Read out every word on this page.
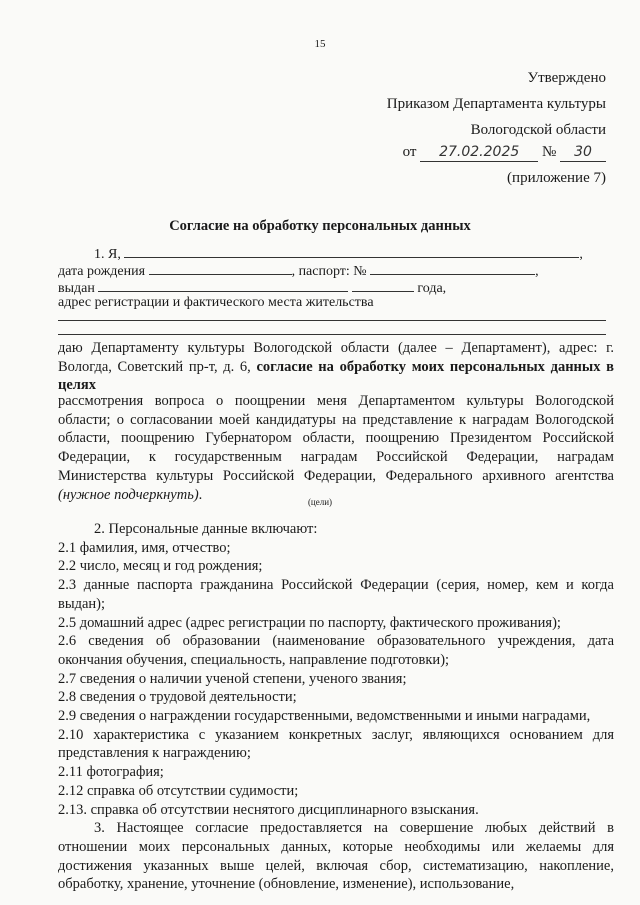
15
Утверждено
Приказом Департамента культуры
Вологодской области
от 27.02.2025 № 30
(приложение 7)
Согласие на обработку персональных данных
1. Я,	,
дата рождения	, паспорт: №	,
выдан	года,
адрес регистрации и фактического места жительства

даю Департаменту культуры Вологодской области (далее – Департамент), адрес: г. Вологда, Советский пр-т, д. 6, согласие на обработку моих персональных данных в целях

рассмотрения вопроса о поощрении меня Департаментом культуры Вологодской области; о согласовании моей кандидатуры на представление к наградам Вологодской области, поощрению Губернатором области, поощрению Президентом Российской Федерации, к государственным наградам Российской Федерации, наградам Министерства культуры Российской Федерации, Федерального архивного агентства (нужное подчеркнуть).	(цели)

2. Персональные данные включают:

2.1 фамилия, имя, отчество;

2.2 число, месяц и год рождения;

2.3 данные паспорта гражданина Российской Федерации (серия, номер, кем и когда выдан);

2.5 домашний адрес (адрес регистрации по паспорту, фактического проживания);

2.6 сведения об образовании (наименование образовательного учреждения, дата окончания обучения, специальность, направление подготовки);

2.7 сведения о наличии ученой степени, ученого звания;

2.8 сведения о трудовой деятельности;

2.9 сведения о награждении государственными, ведомственными и иными наградами,

2.10 характеристика с указанием конкретных заслуг, являющихся основанием для представления к награждению;

2.11 фотография;

2.12 справка об отсутствии судимости;

2.13. справка об отсутствии неснятого дисциплинарного взыскания.

3. Настоящее согласие предоставляется на совершение любых действий в отношении моих персональных данных, которые необходимы или желаемы для достижения указанных выше целей, включая сбор, систематизацию, накопление, обработку, хранение, уточнение (обновление, изменение), использование,
